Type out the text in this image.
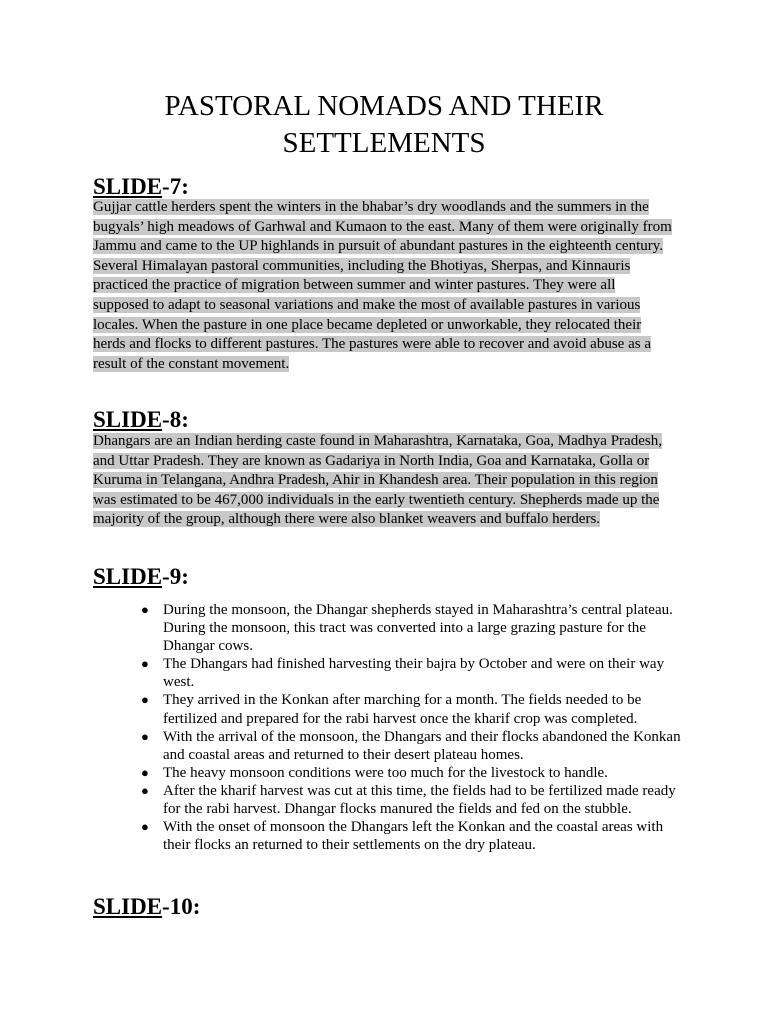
PASTORAL NOMADS AND THEIR
SETTLEMENTS
SLIDE-7:

Gujjar cattle herders spent the winters in the bhabar’s dry woodlands and the summers in the bugyals’ high meadows of Garhwal and Kumaon to the east. Many of them were originally from Jammu and came to the UP highlands in pursuit of abundant pastures in the eighteenth century. Several Himalayan pastoral communities, including the Bhotiyas, Sherpas, and Kinnauris practiced the practice of migration between summer and winter pastures. They were all supposed to adapt to seasonal variations and make the most of available pastures in various locales. When the pasture in one place became depleted or unworkable, they relocated their herds and flocks to different pastures. The pastures were able to recover and avoid abuse as a result of the constant movement.

SLIDE-8:

Dhangars are an Indian herding caste found in Maharashtra, Karnataka, Goa, Madhya Pradesh, and Uttar Pradesh. They are known as Gadariya in North India, Goa and Karnataka, Golla or Kuruma in Telangana, Andhra Pradesh, Ahir in Khandesh area. Their population in this region was estimated to be 467,000 individuals in the early twentieth century. Shepherds made up the majority of the group, although there were also blanket weavers and buffalo herders.

SLIDE-9:
● During the monsoon, the Dhangar shepherds stayed in Maharashtra’s central plateau. During the monsoon, this tract was converted into a large grazing pasture for the Dhangar cows.
● The Dhangars had finished harvesting their bajra by October and were on their way west.
● They arrived in the Konkan after marching for a month. The fields needed to be fertilized and prepared for the rabi harvest once the kharif crop was completed.
● With the arrival of the monsoon, the Dhangars and their flocks abandoned the Konkan and coastal areas and returned to their desert plateau homes.
● The heavy monsoon conditions were too much for the livestock to handle.
● After the kharif harvest was cut at this time, the fields had to be fertilized made ready for the rabi harvest. Dhangar flocks manured the fields and fed on the stubble.
● With the onset of monsoon the Dhangars left the Konkan and the coastal areas with their flocks an returned to their settlements on the dry plateau.
SLIDE-10:
